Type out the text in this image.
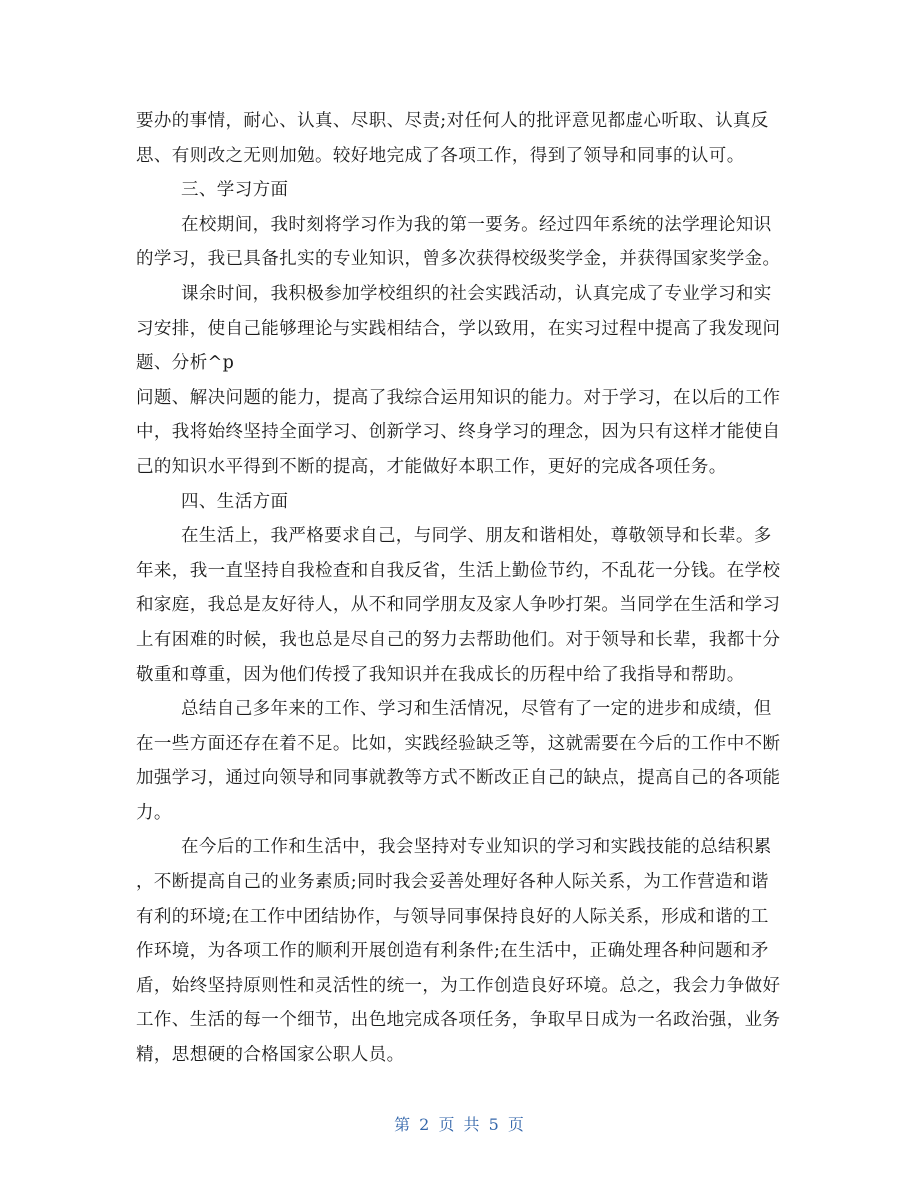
要办的事情，耐心、认真、尽职、尽责;对任何人的批评意见都虚心听取、认真反
思、有则改之无则加勉。较好地完成了各项工作，得到了领导和同事的认可。
三、学习方面
在校期间，我时刻将学习作为我的第一要务。经过四年系统的法学理论知识
的学习，我已具备扎实的专业知识，曾多次获得校级奖学金，并获得国家奖学金。
课余时间，我积极参加学校组织的社会实践活动，认真完成了专业学习和实
习安排，使自己能够理论与实践相结合，学以致用，在实习过程中提高了我发现问
题、分析^p
问题、解决问题的能力，提高了我综合运用知识的能力。对于学习，在以后的工作
中，我将始终坚持全面学习、创新学习、终身学习的理念，因为只有这样才能使自
己的知识水平得到不断的提高，才能做好本职工作，更好的完成各项任务。
四、生活方面
在生活上，我严格要求自己，与同学、朋友和谐相处，尊敬领导和长辈。多
年来，我一直坚持自我检查和自我反省，生活上勤俭节约，不乱花一分钱。在学校
和家庭，我总是友好待人，从不和同学朋友及家人争吵打架。当同学在生活和学习
上有困难的时候，我也总是尽自己的努力去帮助他们。对于领导和长辈，我都十分
敬重和尊重，因为他们传授了我知识并在我成长的历程中给了我指导和帮助。
总结自己多年来的工作、学习和生活情况，尽管有了一定的进步和成绩，但
在一些方面还存在着不足。比如，实践经验缺乏等，这就需要在今后的工作中不断
加强学习，通过向领导和同事就教等方式不断改正自己的缺点，提高自己的各项能
力。
在今后的工作和生活中，我会坚持对专业知识的学习和实践技能的总结积累
，不断提高自己的业务素质;同时我会妥善处理好各种人际关系，为工作营造和谐
有利的环境;在工作中团结协作，与领导同事保持良好的人际关系，形成和谐的工
作环境，为各项工作的顺利开展创造有利条件;在生活中，正确处理各种问题和矛
盾，始终坚持原则性和灵活性的统一，为工作创造良好环境。总之，我会力争做好
工作、生活的每一个细节，出色地完成各项任务，争取早日成为一名政治强，业务
精，思想硬的合格国家公职人员。
第 2 页 共 5 页
